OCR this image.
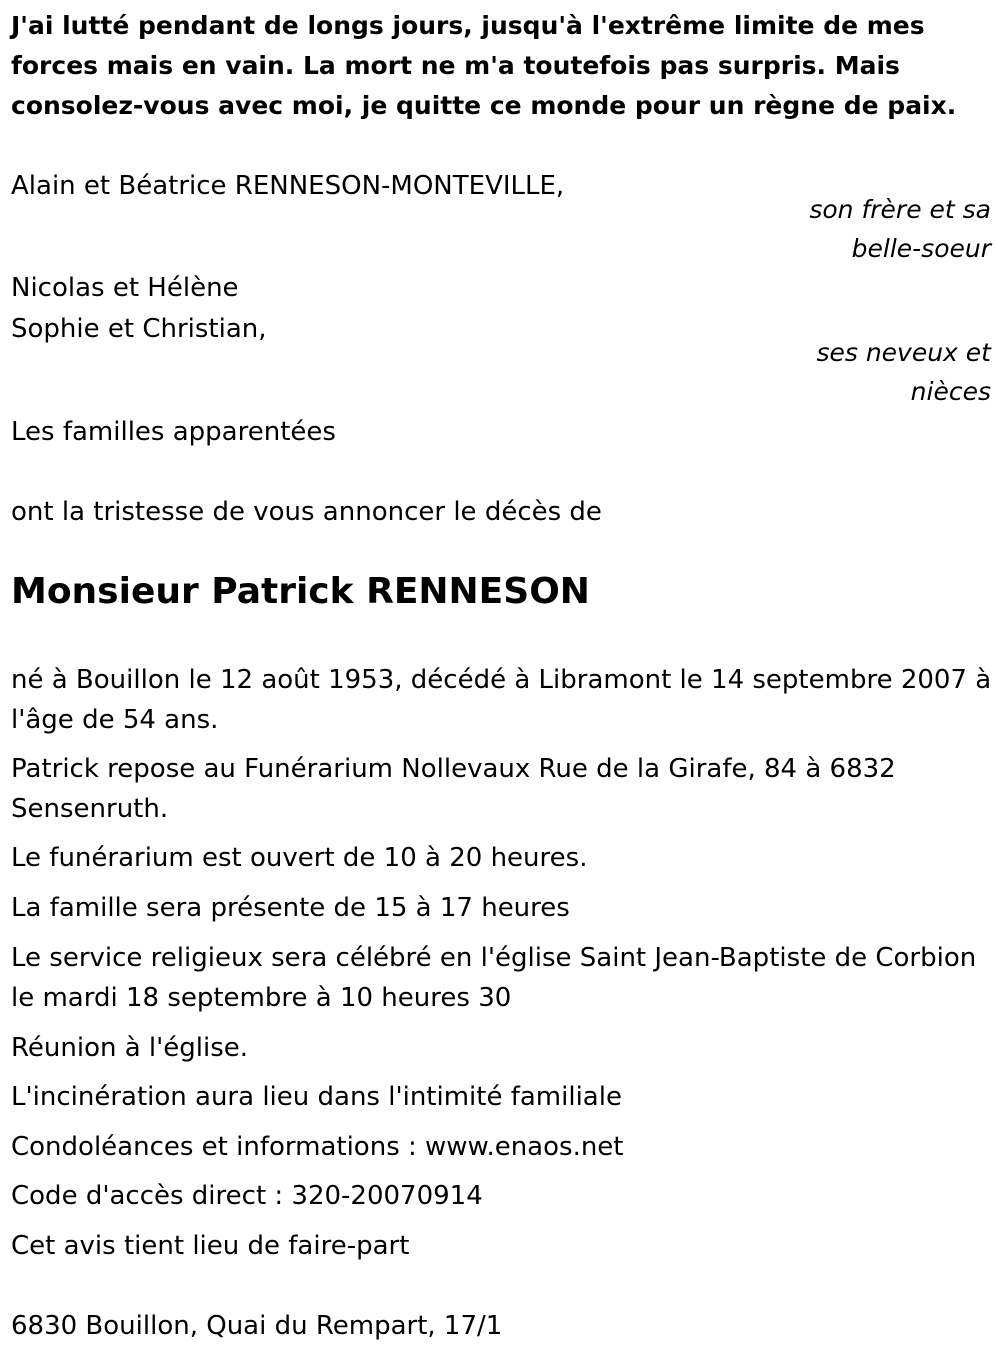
J'ai lutté pendant de longs jours, jusqu'à l'extrême limite de mes

forces mais en vain. La mort ne m'a toutefois pas surpris. Mais

consolez-vous avec moi, je quitte ce monde pour un règne de paix.

Alain et Béatrice RENNESON-MONTEVILLE,

son frère et sa

belle-soeur

Nicolas et Hélène

Sophie et Christian,

ses neveux et

nièces

Les familles apparentées

ont la tristesse de vous annoncer le décès de

Monsieur Patrick RENNESON

né à Bouillon le 12 août 1953, décédé à Libramont le 14 septembre 2007 à

l'âge de 54 ans.

Patrick repose au Funérarium Nollevaux Rue de la Girafe, 84 à 6832

Sensenruth.

Le funérarium est ouvert de 10 à 20 heures.

La famille sera présente de 15 à 17 heures

Le service religieux sera célébré en l'église Saint Jean-Baptiste de Corbion

le mardi 18 septembre à 10 heures 30

Réunion à l'église.

L'incinération aura lieu dans l'intimité familiale

Condoléances et informations : www.enaos.net

Code d'accès direct : 320-20070914

Cet avis tient lieu de faire-part

6830 Bouillon, Quai du Rempart, 17/1
